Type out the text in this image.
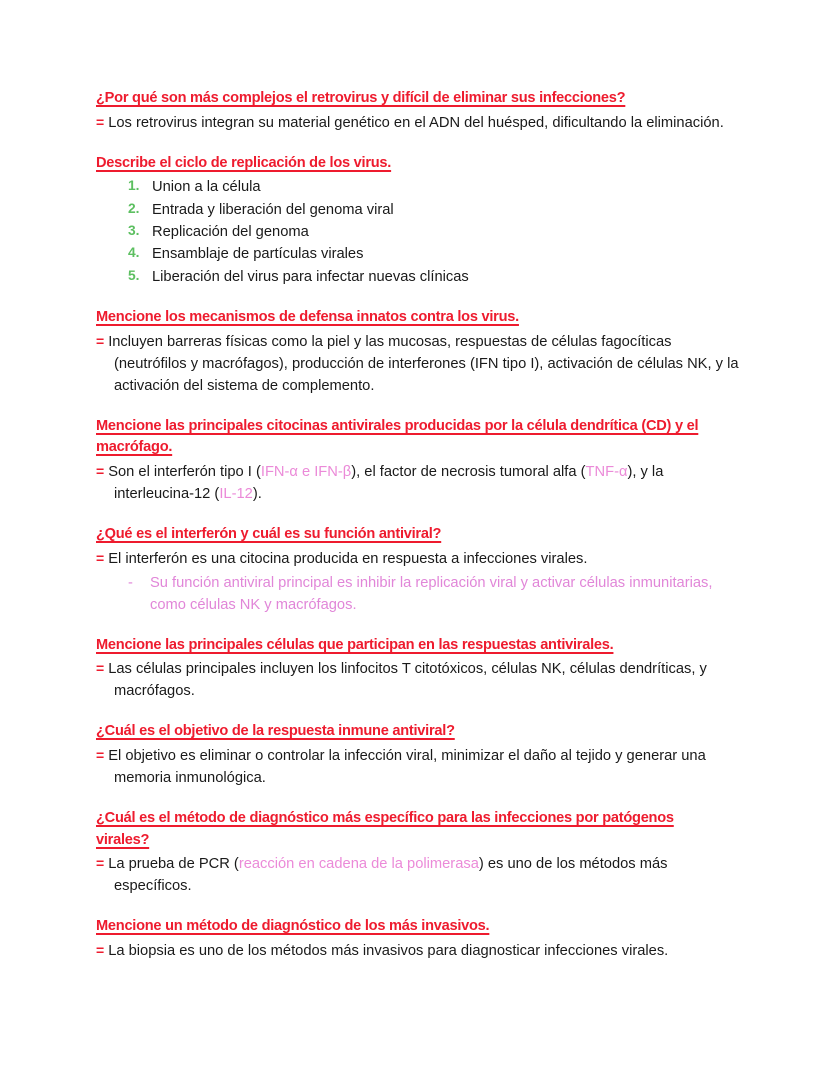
¿Por qué son más complejos el retrovirus y difícil de eliminar sus infecciones?
= Los retrovirus integran su material genético en el ADN del huésped, dificultando la eliminación.
Describe el ciclo de replicación de los virus.
1. Union a la célula
2. Entrada y liberación del genoma viral
3. Replicación del genoma
4. Ensamblaje de partículas virales
5. Liberación del virus para infectar nuevas clínicas
Mencione los mecanismos de defensa innatos contra los virus.
= Incluyen barreras físicas como la piel y las mucosas, respuestas de células fagocíticas (neutrófilos y macrófagos), producción de interferones (IFN tipo I), activación de células NK, y la activación del sistema de complemento.
Mencione las principales citocinas antivirales producidas por la célula dendrítica (CD) y el macrófago.
= Son el interferón tipo I (IFN-α e IFN-β), el factor de necrosis tumoral alfa (TNF-α), y la interleucina-12 (IL-12).
¿Qué es el interferón y cuál es su función antiviral?
= El interferón es una citocina producida en respuesta a infecciones virales.
- Su función antiviral principal es inhibir la replicación viral y activar células inmunitarias, como células NK y macrófagos.
Mencione las principales células que participan en las respuestas antivirales.
= Las células principales incluyen los linfocitos T citotóxicos, células NK, células dendríticas, y macrófagos.
¿Cuál es el objetivo de la respuesta inmune antiviral?
= El objetivo es eliminar o controlar la infección viral, minimizar el daño al tejido y generar una memoria inmunológica.
¿Cuál es el método de diagnóstico más específico para las infecciones por patógenos virales?
= La prueba de PCR (reacción en cadena de la polimerasa) es uno de los métodos más específicos.
Mencione un método de diagnóstico de los más invasivos.
= La biopsia es uno de los métodos más invasivos para diagnosticar infecciones virales.
